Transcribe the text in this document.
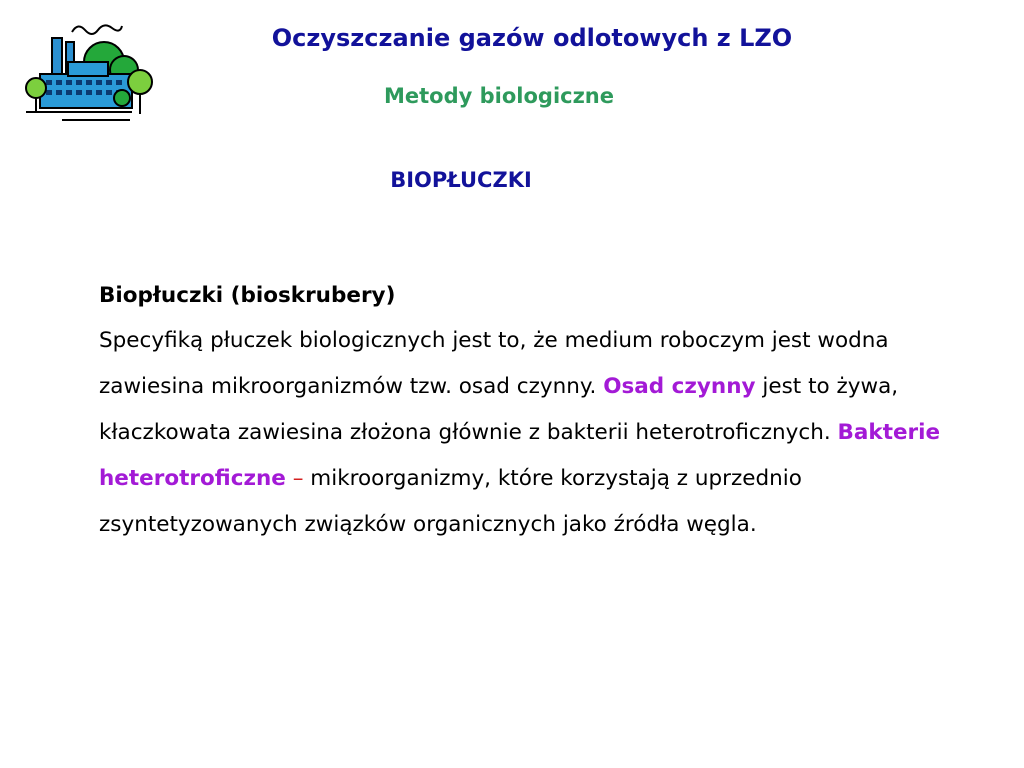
Oczyszczanie gazów odlotowych z LZO
Metody biologiczne
BIOPŁUCZKI
Biopłuczki (bioskrubery)
Specyfiką płuczek biologicznych jest to, że medium roboczym jest wodna zawiesina mikroorganizmów tzw. osad czynny. Osad czynny jest to żywa, kłaczkowata zawiesina złożona głównie z bakterii heterotroficznych. Bakterie heterotroficzne – mikroorganizmy, które korzystają z uprzednio zsyntetyzowanych związków organicznych jako źródła węgla.
